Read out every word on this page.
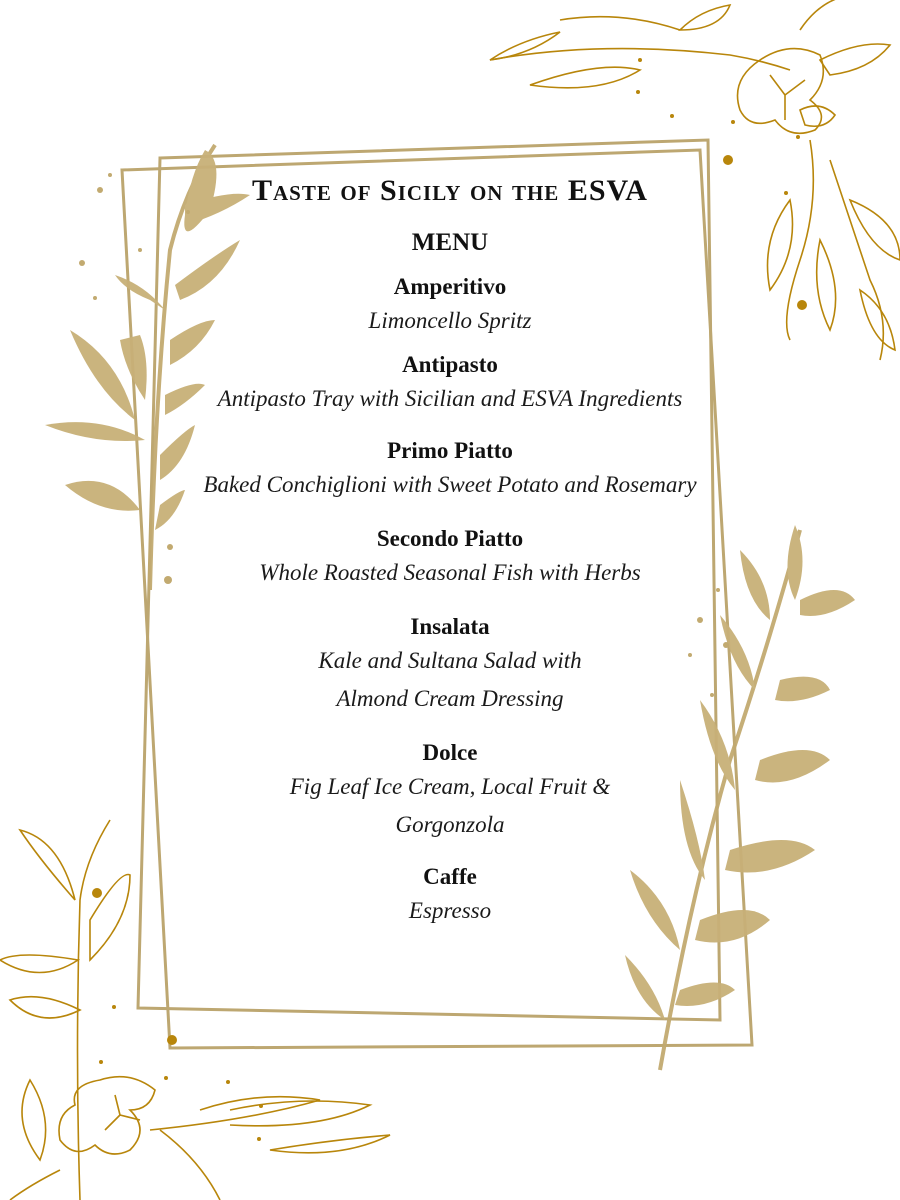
Taste of Sicily on the ESVA
MENU
Amperitivo
Limoncello Spritz
Antipasto
Antipasto Tray with Sicilian and ESVA Ingredients
Primo Piatto
Baked Conchiglioni with Sweet Potato and Rosemary
Secondo Piatto
Whole Roasted Seasonal Fish with Herbs
Insalata
Kale and Sultana Salad with
Almond Cream Dressing
Dolce
Fig Leaf Ice Cream, Local Fruit &
Gorgonzola
Caffe
Espresso
